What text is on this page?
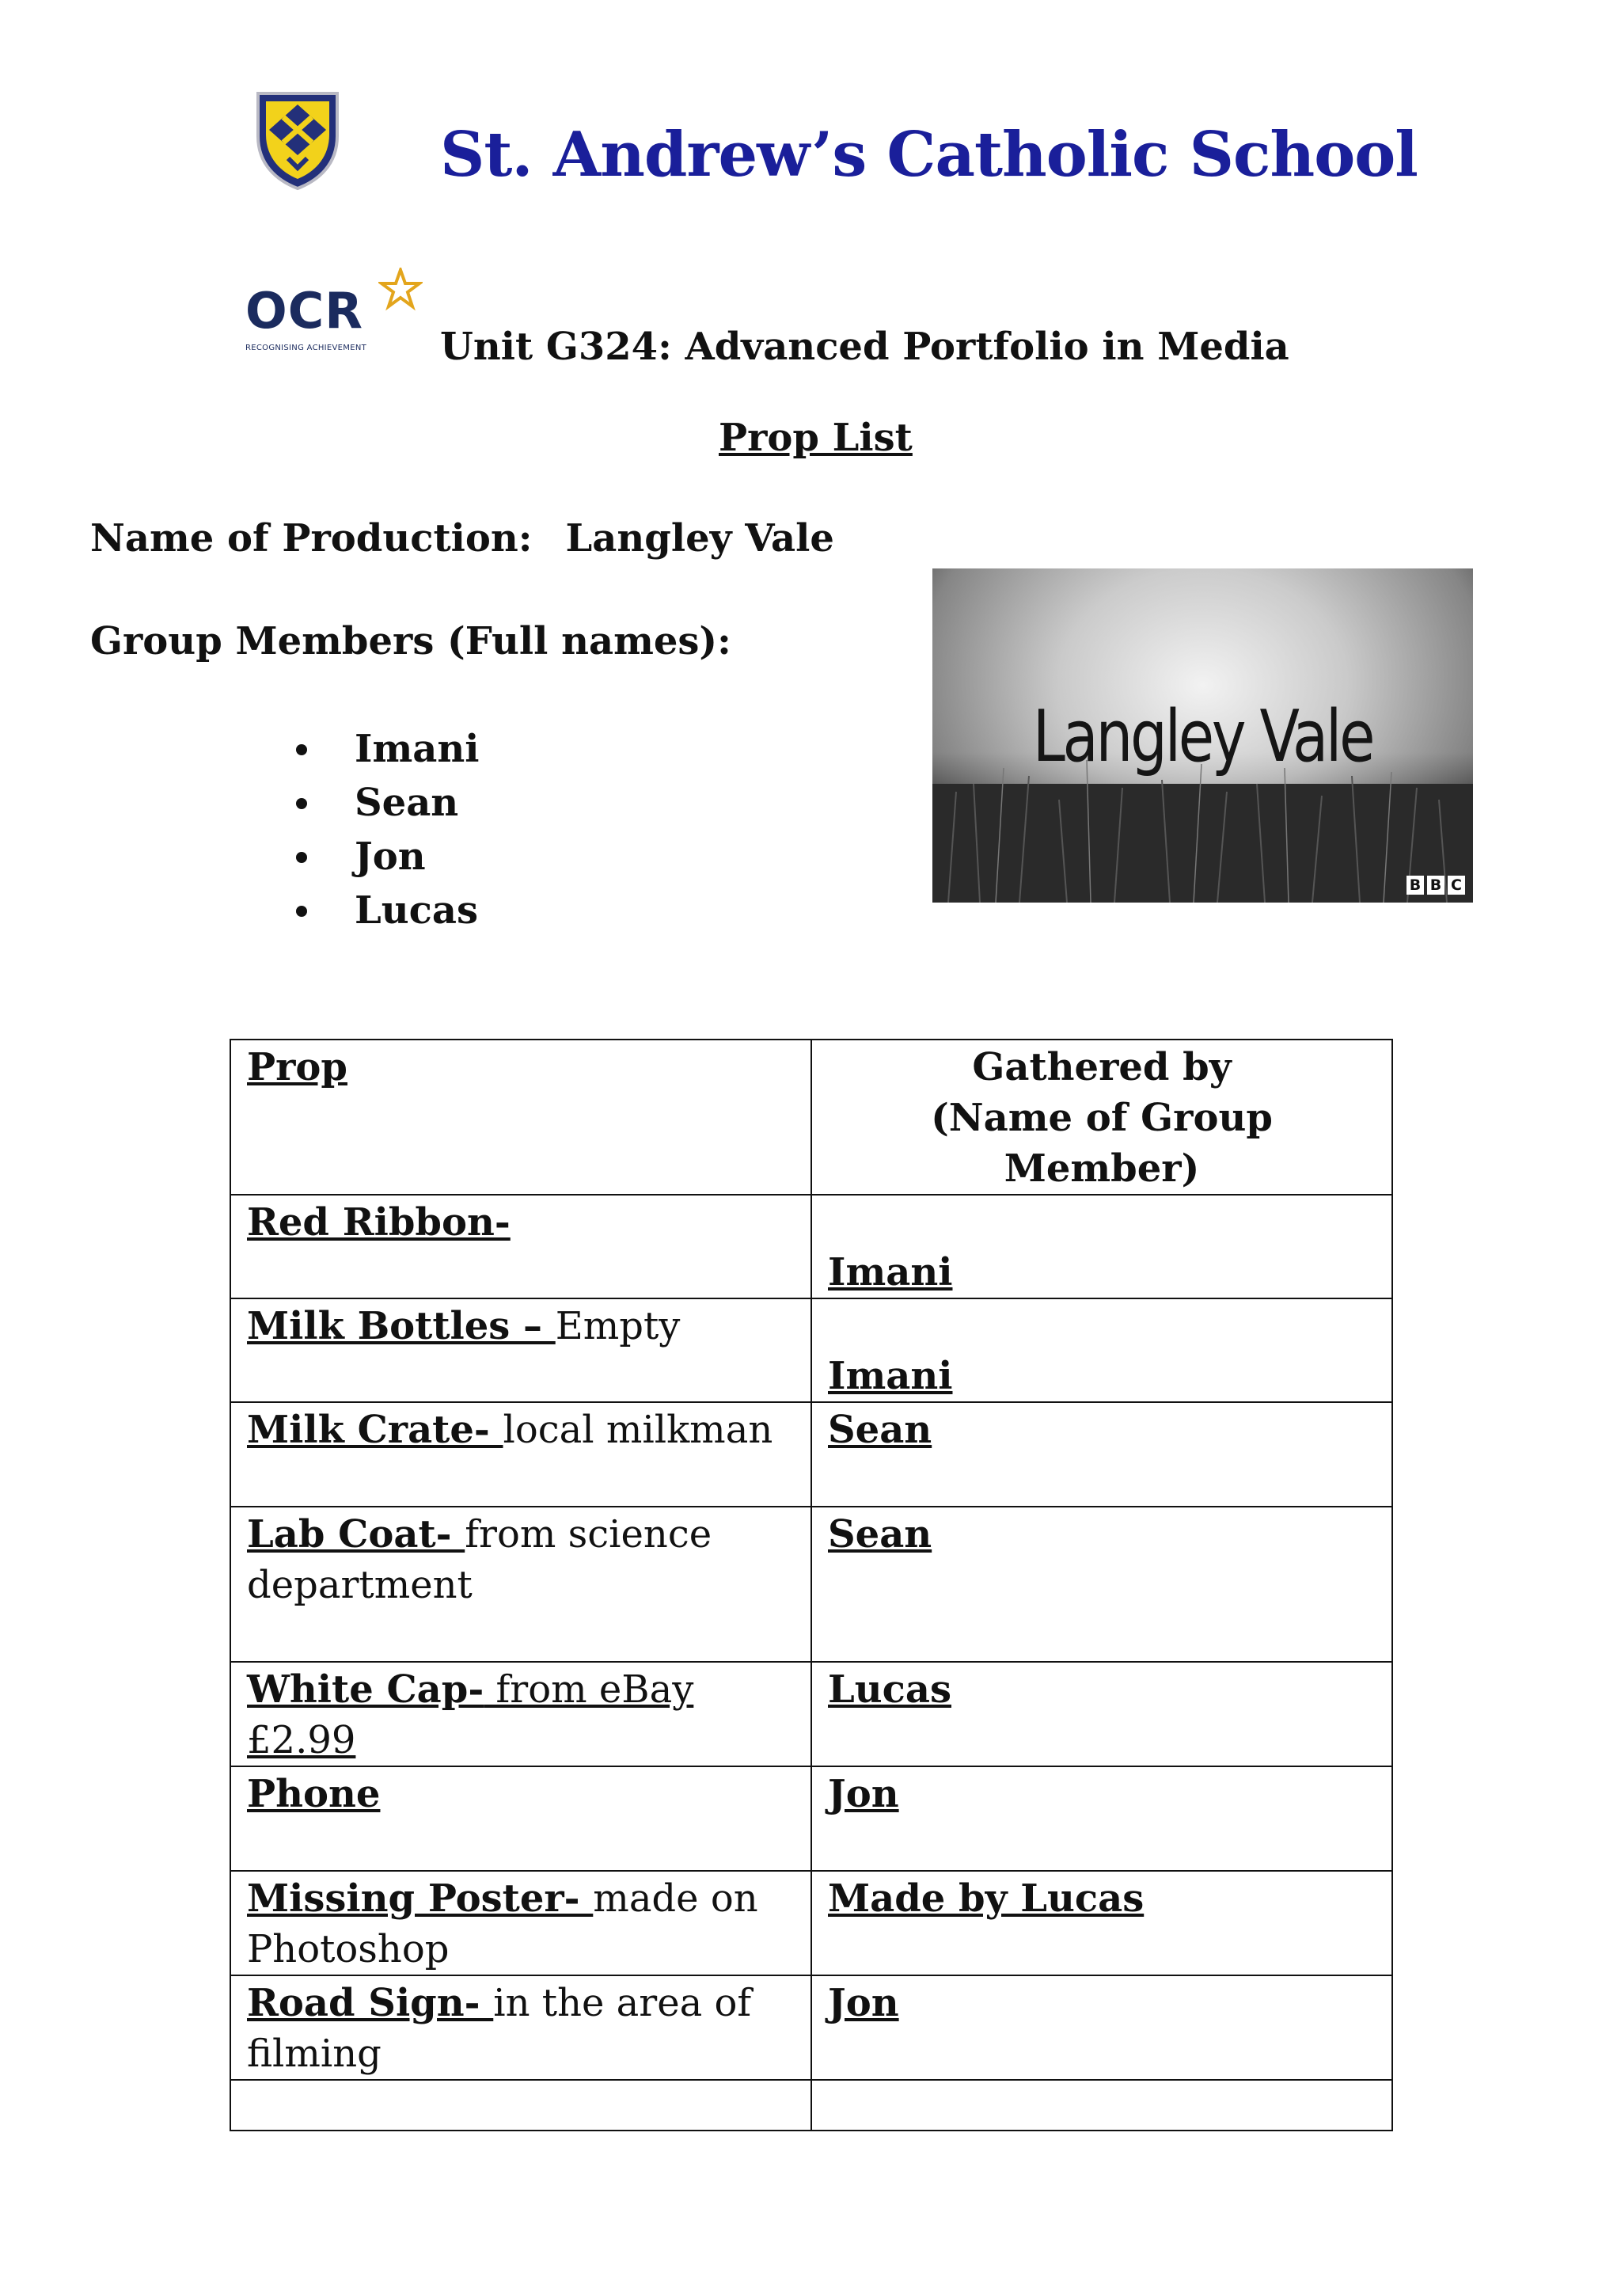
St. Andrew’s Catholic School
OCR
RECOGNISING ACHIEVEMENT Unit G324: Advanced Portfolio in Media
Prop List
Name of Production: Langley Vale
Group Members (Full names):
Imani
Sean
Jon
Lucas
Langley Vale
B B C
Prop	Gathered by
(Name of Group Member)

Red Ribbon-	Imani
Milk Bottles – Empty	Imani
Milk Crate- local milkman	Sean
Lab Coat- from science department	Sean
White Cap- from eBay £2.99	Lucas
Phone	Jon
Missing Poster- made on Photoshop	Made by Lucas
Road Sign- in the area of filming	Jon
